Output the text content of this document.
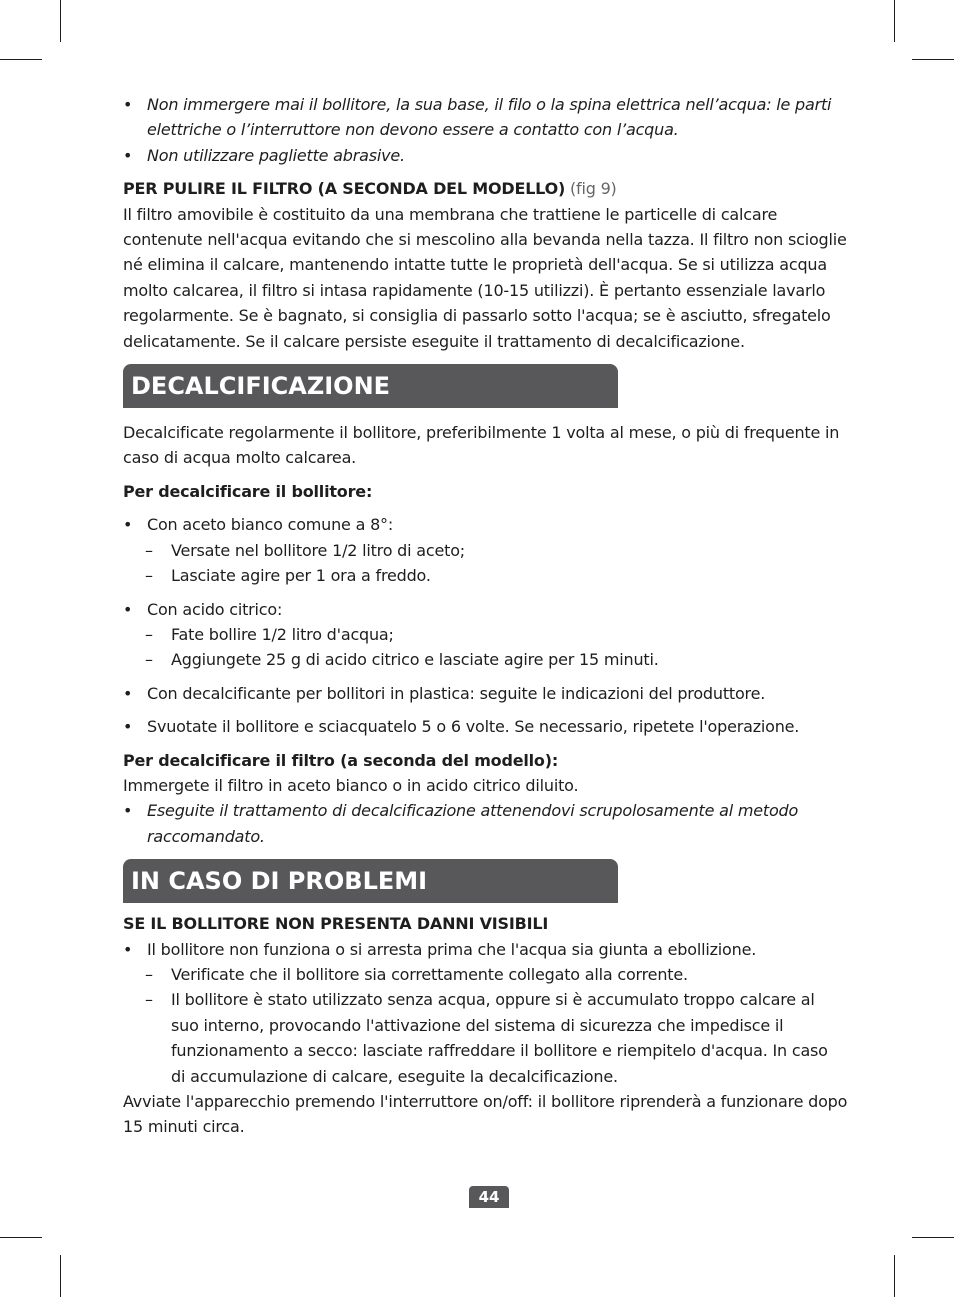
• Non immergere mai il bollitore, la sua base, il filo o la spina elettrica nell’acqua: le parti elettriche o l’interruttore non devono essere a contatto con l’acqua.

• Non utilizzare pagliette abrasive.

PER PULIRE IL FILTRO (A SECONDA DEL MODELLO) (fig 9)

Il filtro amovibile è costituito da una membrana che trattiene le particelle di calcare contenute nell'acqua evitando che si mescolino alla bevanda nella tazza. Il filtro non scioglie né elimina il calcare, mantenendo intatte tutte le proprietà dell'acqua. Se si utilizza acqua molto calcarea, il filtro si intasa rapidamente (10-15 utilizzi). È pertanto essenziale lavarlo regolarmente. Se è bagnato, si consiglia di passarlo sotto l'acqua; se è asciutto, sfregatelo delicatamente. Se il calcare persiste eseguite il trattamento di decalcificazione.

DECALCIFICAZIONE

Decalcificate regolarmente il bollitore, preferibilmente 1 volta al mese, o più di frequente in caso di acqua molto calcarea.

Per decalcificare il bollitore:

• Con aceto bianco comune a 8°:

– Versate nel bollitore 1/2 litro di aceto;

– Lasciate agire per 1 ora a freddo.

• Con acido citrico:

– Fate bollire 1/2 litro d'acqua;

– Aggiungete 25 g di acido citrico e lasciate agire per 15 minuti.

• Con decalcificante per bollitori in plastica: seguite le indicazioni del produttore.

• Svuotate il bollitore e sciacquatelo 5 o 6 volte. Se necessario, ripetete l'operazione.

Per decalcificare il filtro (a seconda del modello):

Immergete il filtro in aceto bianco o in acido citrico diluito.

• Eseguite il trattamento di decalcificazione attenendovi scrupolosamente al metodo raccomandato.

IN CASO DI PROBLEMI

SE IL BOLLITORE NON PRESENTA DANNI VISIBILI

• Il bollitore non funziona o si arresta prima che l'acqua sia giunta a ebollizione.

– Verificate che il bollitore sia correttamente collegato alla corrente.

– Il bollitore è stato utilizzato senza acqua, oppure si è accumulato troppo calcare al suo interno, provocando l'attivazione del sistema di sicurezza che impedisce il funzionamento a secco: lasciate raffreddare il bollitore e riempitelo d'acqua. In caso di accumulazione di calcare, eseguite la decalcificazione.

Avviate l'apparecchio premendo l'interruttore on/off: il bollitore riprenderà a funzionare dopo 15 minuti circa.

44
